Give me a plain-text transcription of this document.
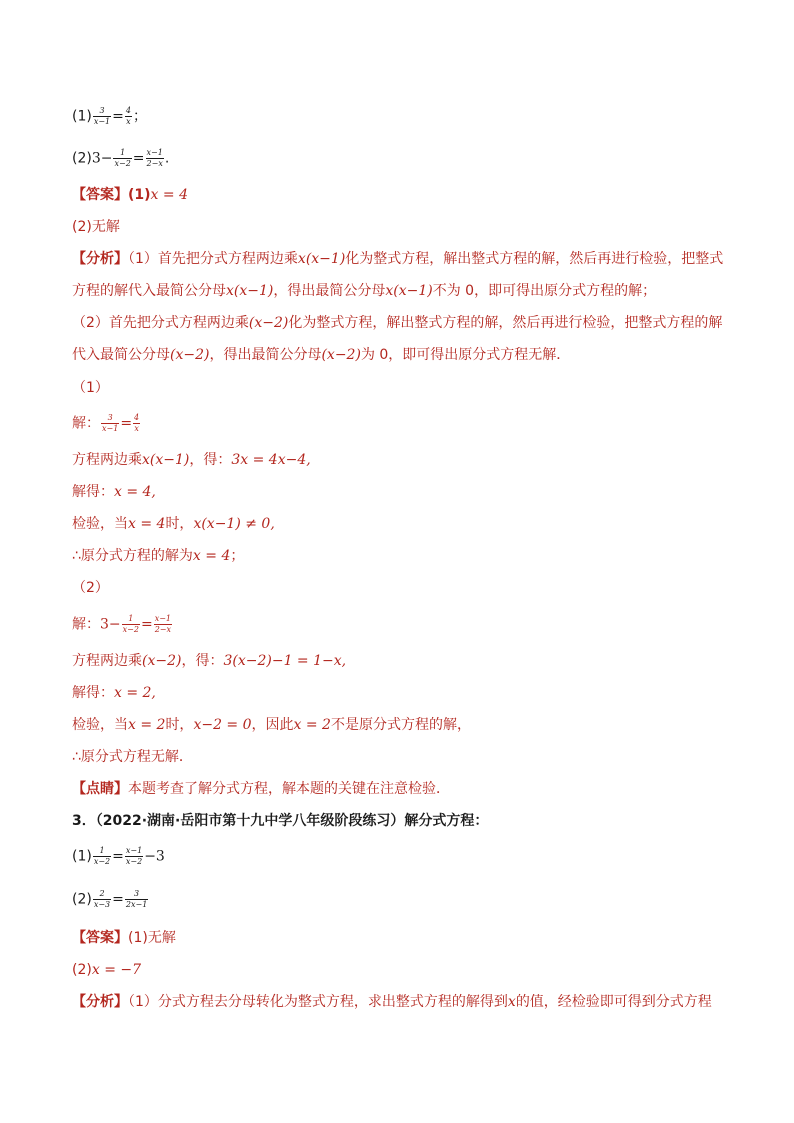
$(1) \frac{3}{x-1} = \frac{4}{x}$ ；
$(2)3- \frac{1}{x-2} = \frac{x-1}{2-x}$ .
【答案】(1)x = 4
(2)无解
【分析】（1）首先把分式方程两边乘x(x−1)化为整式方程，解出整式方程的解，然后再进行检验，把整式
方程的解代入最简公分母x(x−1)，得出最简公分母x(x−1)不为 0，即可得出原分式方程的解；
（2）首先把分式方程两边乘(x−2)化为整式方程，解出整式方程的解，然后再进行检验，把整式方程的解
代入最简公分母(x−2)，得出最简公分母(x−2)为 0，即可得出原分式方程无解．
（1）
解： $\frac{3}{x-1} = \frac{4}{x}$
方程两边乘x(x−1)，得：3x = 4x−4,
解得：x = 4,
检验，当x = 4时，x(x−1) ≠ 0,
∴原分式方程的解为x = 4；
（2）
解：$3- \frac{1}{x-2} = \frac{x-1}{2-x}$
方程两边乘(x−2)，得：3(x−2)−1 = 1−x,
解得：x = 2,
检验，当x = 2时，x−2 = 0，因此x = 2不是原分式方程的解，
∴原分式方程无解．
【点睛】本题考查了解分式方程，解本题的关键在注意检验．
3．（2022·湖南·岳阳市第十九中学八年级阶段练习）解分式方程：
$(1) \frac{1}{x-2} = \frac{x-1}{x-2} -3$
$(2) \frac{2}{x-3} = \frac{3}{2x-1}$
【答案】(1)无解
(2)x = −7
【分析】（1）分式方程去分母转化为整式方程，求出整式方程的解得到x的值，经检验即可得到分式方程
